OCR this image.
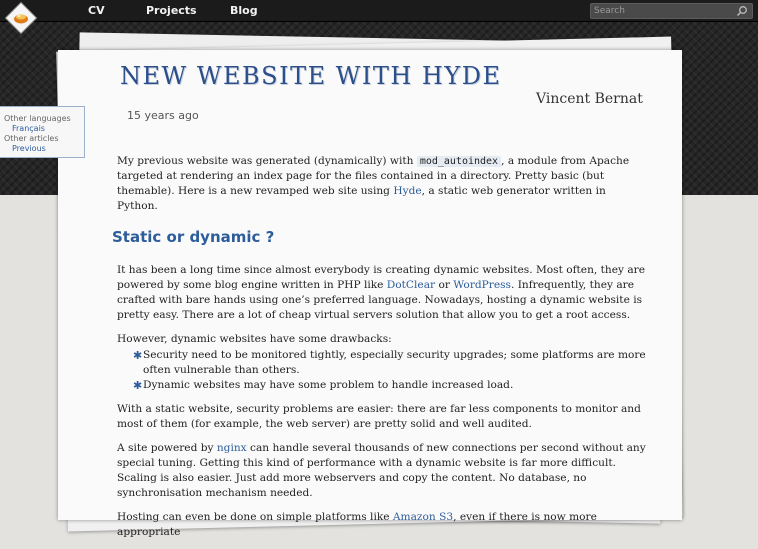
CV	Projects	Blog
Search
NEW WEBSITE WITH HYDE
Vincent Bernat
15 years ago
Other languages
Français
Other articles
Previous

My previous website was generated (dynamically) with mod_autoindex , a module from Apache targeted at rendering an index page for the files contained in a directory. Pretty basic (but themable). Here is a new revamped web site using Hyde, a static web generator written in Python.

Static or dynamic ?

It has been a long time since almost everybody is creating dynamic websites. Most often, they are powered by some blog engine written in PHP like DotClear or WordPress. Infrequently, they are crafted with bare hands using one’s preferred language. Nowadays, hosting a dynamic website is pretty easy. There are a lot of cheap virtual servers solution that allow you to get a root access.

However, dynamic websites have some drawbacks:

✱ Security need to be monitored tightly, especially security upgrades; some platforms are more often vulnerable than others.
✱ Dynamic websites may have some problem to handle increased load.

With a static website, security problems are easier: there are far less components to monitor and most of them (for example, the web server) are pretty solid and well audited.

A site powered by nginx can handle several thousands of new connections per second without any special tuning. Getting this kind of performance with a dynamic website is far more difficult. Scaling is also easier. Just add more webservers and copy the content. No database, no synchronisation mechanism needed.

Hosting can even be done on simple platforms like Amazon S3, even if there is now more appropriate
